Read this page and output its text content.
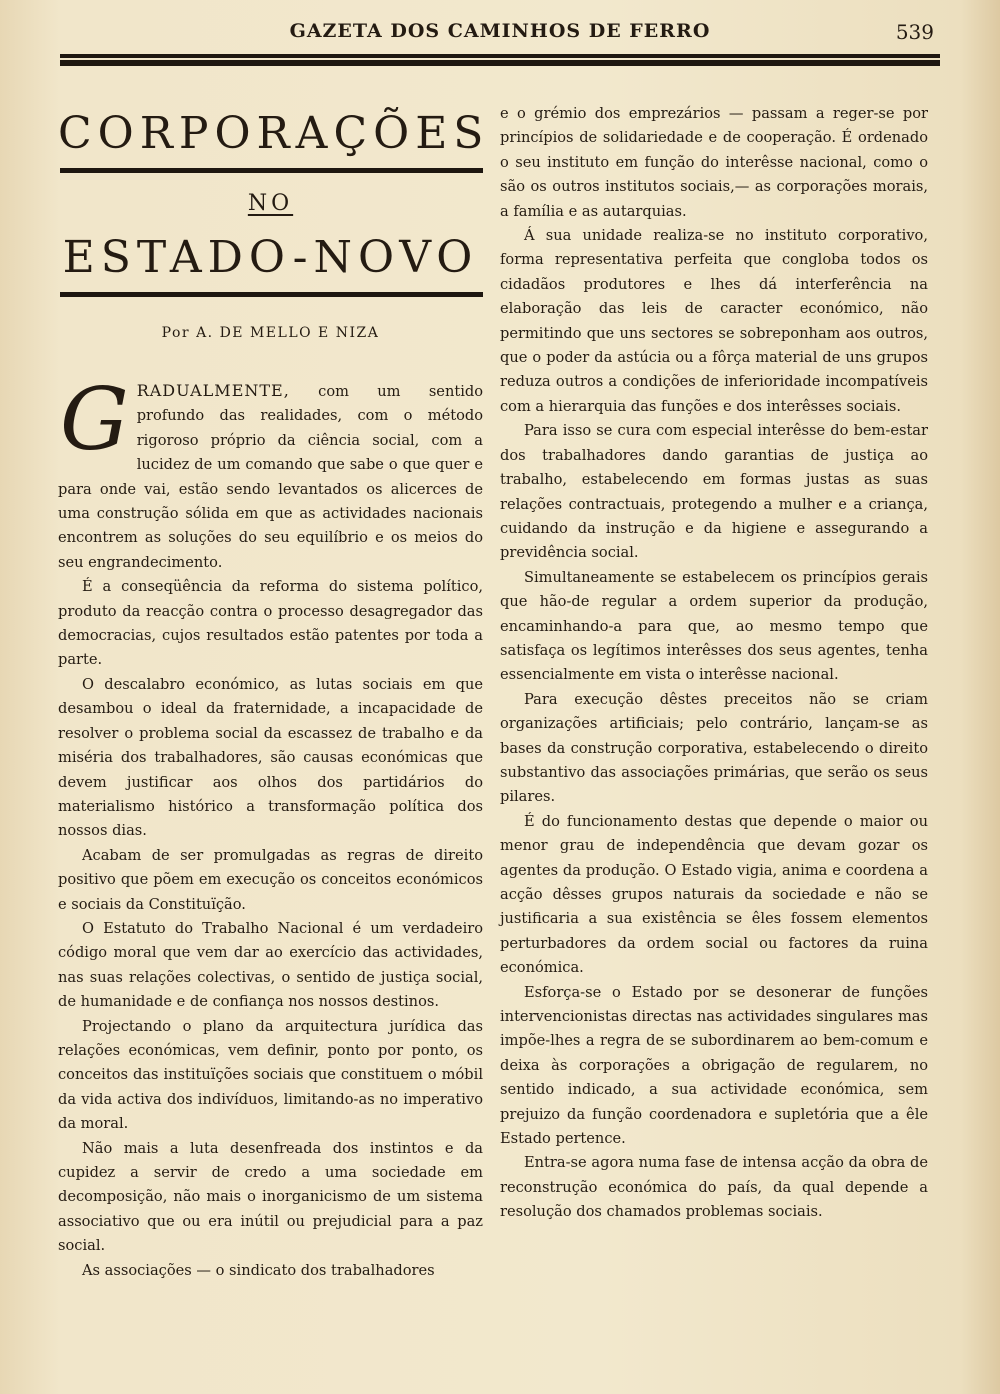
GAZETA DOS CAMINHOS DE FERRO	539
CORPORAÇÕES
NO
ESTADO-NOVO
Por A. DE MELLO E NIZA
G RADUALMENTE, com um sentido profundo das realidades, com o método rigoroso próprio da ciência social, com a lucidez de um comando que sabe o que quer e para onde vai, estão sendo levantados os alicerces de uma construção sólida em que as actividades nacionais encontrem as soluções do seu equilíbrio e os meios do seu engrandecimento.

É a conseqüência da reforma do sistema político, produto da reacção contra o processo desagregador das democracias, cujos resultados estão patentes por toda a parte.

O descalabro económico, as lutas sociais em que desambou o ideal da fraternidade, a incapacidade de resolver o problema social da escassez de trabalho e da miséria dos trabalhadores, são causas económicas que devem justificar aos olhos dos partidários do materialismo histórico a transformação política dos nossos dias.

Acabam de ser promulgadas as regras de direito positivo que põem em execução os conceitos económicos e sociais da Constituïção.

O Estatuto do Trabalho Nacional é um verdadeiro código moral que vem dar ao exercício das actividades, nas suas relações colectivas, o sentido de justiça social, de humanidade e de confiança nos nossos destinos.

Projectando o plano da arquitectura jurídica das relações económicas, vem definir, ponto por ponto, os conceitos das instituïções sociais que constituem o móbil da vida activa dos indivíduos, limitando-as no imperativo da moral.

Não mais a luta desenfreada dos instintos e da cupidez a servir de credo a uma sociedade em decomposição, não mais o inorganicismo de um sistema associativo que ou era inútil ou prejudicial para a paz social.

As associações — o sindicato dos trabalhadores

e o grémio dos emprezários — passam a reger-se por princípios de solidariedade e de cooperação. É ordenado o seu instituto em função do interêsse nacional, como o são os outros institutos sociais,— as corporações morais, a família e as autarquias.

Á sua unidade realiza-se no instituto corporativo, forma representativa perfeita que congloba todos os cidadãos produtores e lhes dá interferência na elaboração das leis de caracter económico, não permitindo que uns sectores se sobreponham aos outros, que o poder da astúcia ou a fôrça material de uns grupos reduza outros a condições de inferioridade incompatíveis com a hierarquia das funções e dos interêsses sociais.

Para isso se cura com especial interêsse do bem-estar dos trabalhadores dando garantias de justiça ao trabalho, estabelecendo em formas justas as suas relações contractuais, protegendo a mulher e a criança, cuidando da instrução e da higiene e assegurando a previdência social.

Simultaneamente se estabelecem os princípios gerais que hão-de regular a ordem superior da produção, encaminhando-a para que, ao mesmo tempo que satisfaça os legítimos interêsses dos seus agentes, tenha essencialmente em vista o interêsse nacional.

Para execução dêstes preceitos não se criam organizações artificiais; pelo contrário, lançam-se as bases da construção corporativa, estabelecendo o direito substantivo das associações primárias, que serão os seus pilares.

É do funcionamento destas que depende o maior ou menor grau de independência que devam gozar os agentes da produção. O Estado vigia, anima e coordena a acção dêsses grupos naturais da sociedade e não se justificaria a sua existência se êles fossem elementos perturbadores da ordem social ou factores da ruina económica.

Esforça-se o Estado por se desonerar de funções intervencionistas directas nas actividades singulares mas impõe-lhes a regra de se subordinarem ao bem-comum e deixa às corporações a obrigação de regularem, no sentido indicado, a sua actividade económica, sem prejuizo da função coordenadora e supletória que a êle Estado pertence.

Entra-se agora numa fase de intensa acção da obra de reconstrução económica do país, da qual depende a resolução dos chamados problemas sociais.
